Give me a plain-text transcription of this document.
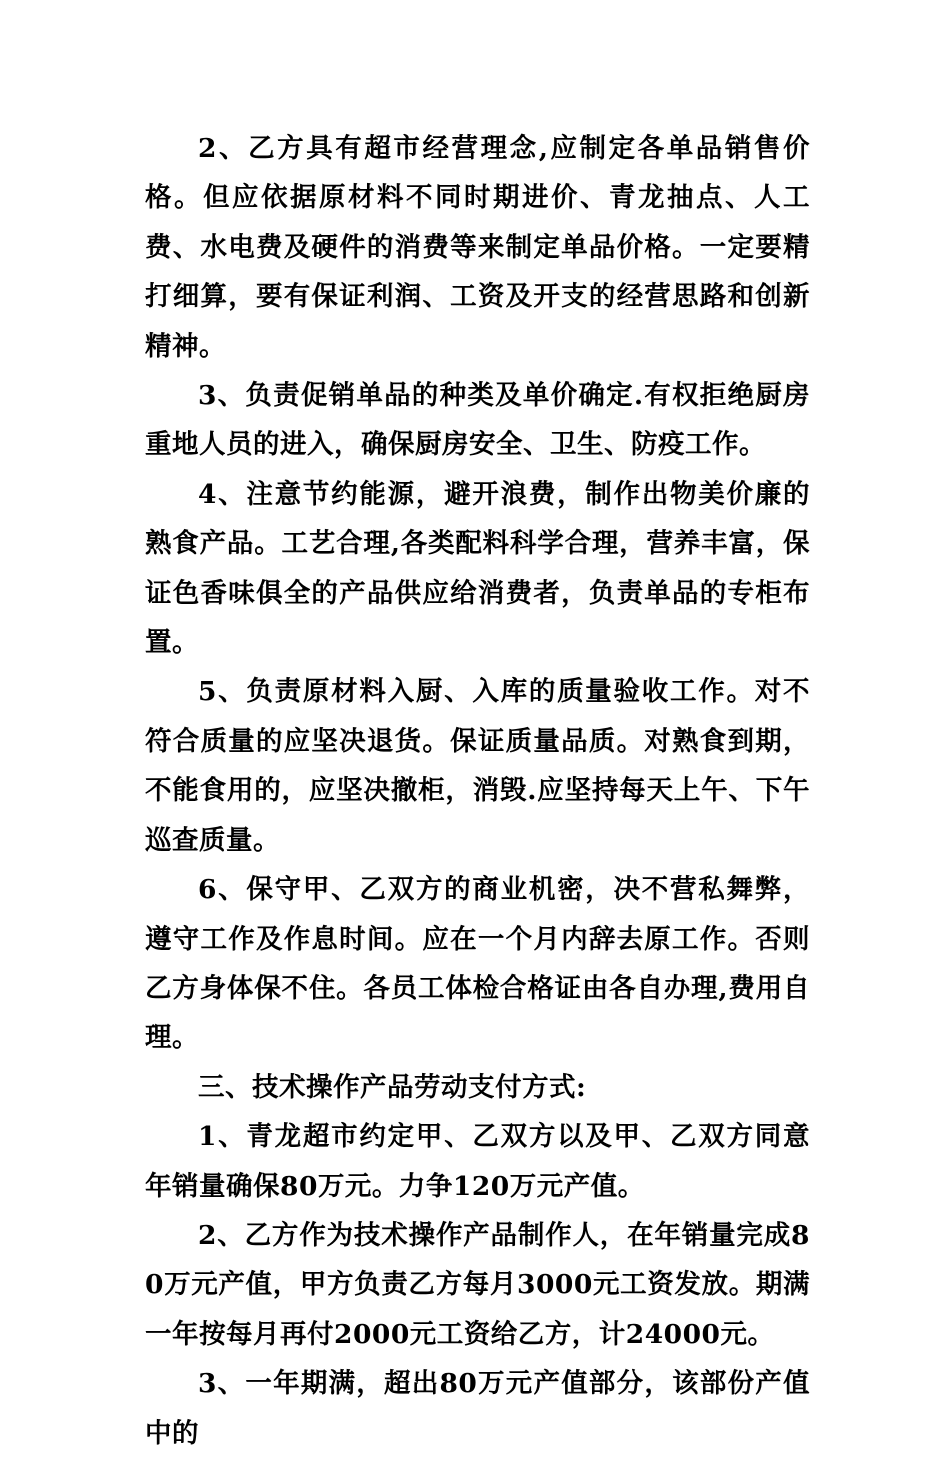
2、乙方具有超市经营理念,应制定各单品销售价格。但应依据原材料不同时期进价、青龙抽点、人工费、水电费及硬件的消费等来制定单品价格。一定要精打细算，要有保证利润、工资及开支的经营思路和创新精神。

3、负责促销单品的种类及单价确定.有权拒绝厨房重地人员的进入，确保厨房安全、卫生、防疫工作。

4、注意节约能源，避开浪费，制作出物美价廉的熟食产品。工艺合理,各类配料科学合理，营养丰富，保证色香味俱全的产品供应给消费者，负责单品的专柜布置。

5、负责原材料入厨、入库的质量验收工作。对不符合质量的应坚决退货。保证质量品质。对熟食到期，不能食用的，应坚决撤柜，消毁.应坚持每天上午、下午巡查质量。

6、保守甲、乙双方的商业机密，决不营私舞弊，遵守工作及作息时间。应在一个月内辞去原工作。否则乙方身体保不住。各员工体检合格证由各自办理,费用自理。

三、技术操作产品劳动支付方式:

1、青龙超市约定甲、乙双方以及甲、乙双方同意年销量确保80万元。力争120万元产值。

2、乙方作为技术操作产品制作人，在年销量完成80万元产值，甲方负责乙方每月3000元工资发放。期满一年按每月再付2000元工资给乙方，计24000元。

3、一年期满，超出80万元产值部分，该部份产值中的
